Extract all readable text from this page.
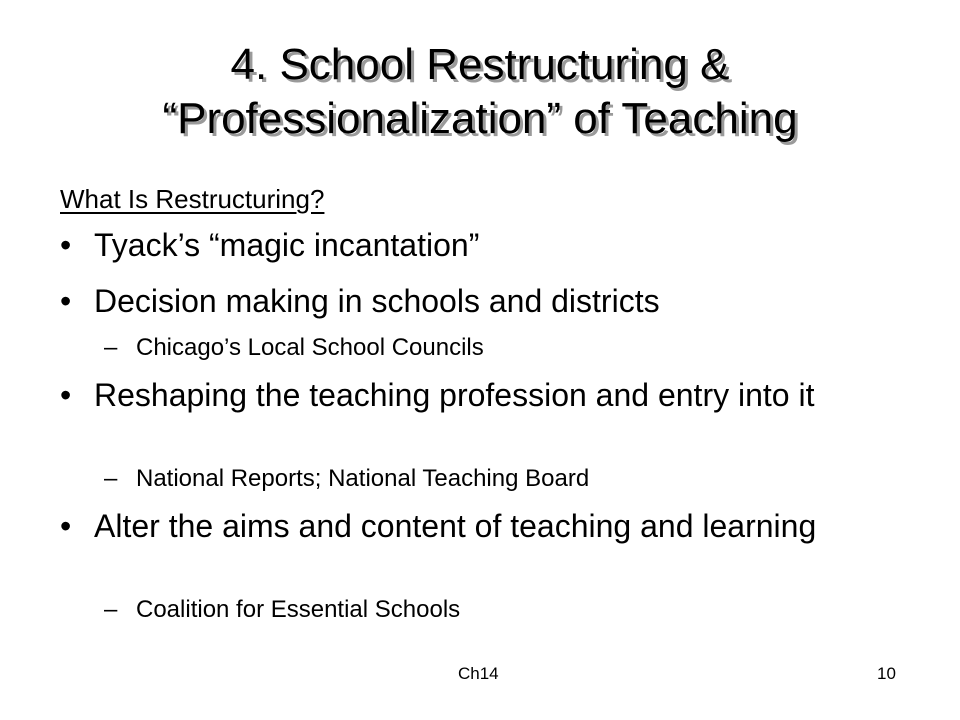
4. School Restructuring &
“Professionalization” of Teaching
What Is Restructuring?
• Tyack’s “magic incantation”
• Decision making in schools and districts
– Chicago’s Local School Councils
• Reshaping the teaching profession and entry into it
– National Reports; National Teaching Board
• Alter the aims and content of teaching and learning
– Coalition for Essential Schools
Ch14	10
